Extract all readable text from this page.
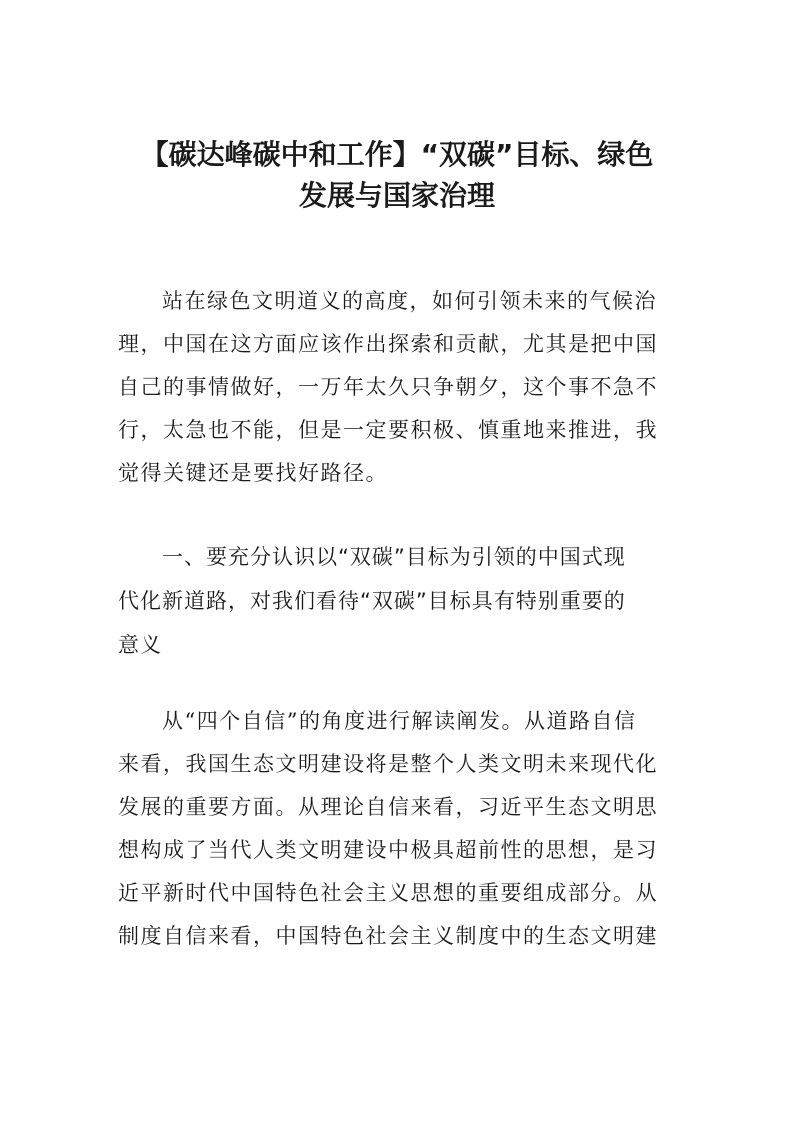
【碳达峰碳中和工作】“双碳”目标、绿色
发展与国家治理
站在绿色文明道义的高度，如何引领未来的气候治
理，中国在这方面应该作出探索和贡献，尤其是把中国
自己的事情做好，一万年太久只争朝夕，这个事不急不
行，太急也不能，但是一定要积极、慎重地来推进，我
觉得关键还是要找好路径。
一、要充分认识以“双碳”目标为引领的中国式现
代化新道路，对我们看待“双碳”目标具有特别重要的
意义
从“四个自信”的角度进行解读阐发。从道路自信
来看，我国生态文明建设将是整个人类文明未来现代化
发展的重要方面。从理论自信来看，习近平生态文明思
想构成了当代人类文明建设中极具超前性的思想，是习
近平新时代中国特色社会主义思想的重要组成部分。从
制度自信来看，中国特色社会主义制度中的生态文明建
